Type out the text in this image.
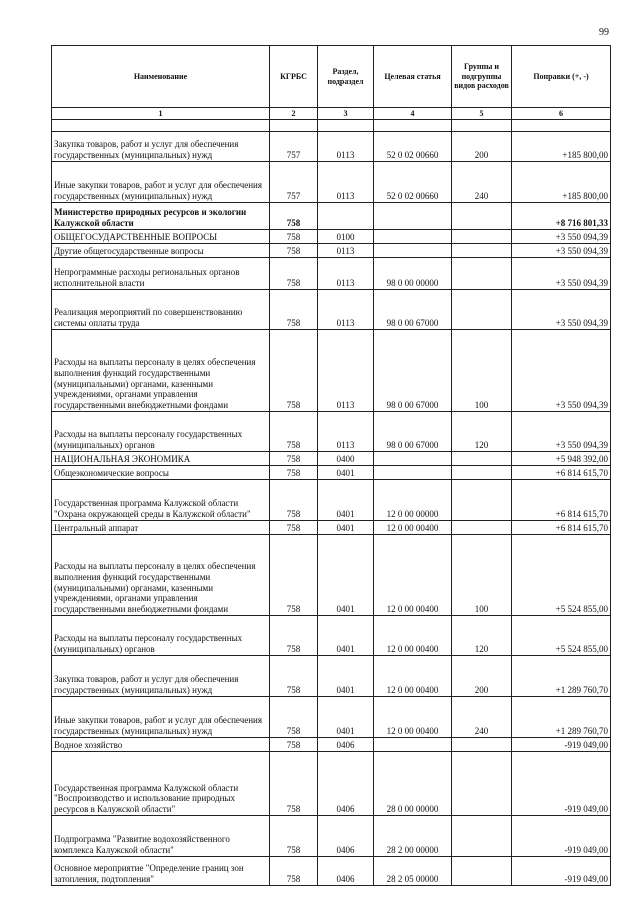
99
Наименование	КГРБС	Раздел, подраздел	Целевая статья	Группы и подгруппы видов расходов	Поправки (+, -)
1	2	3	4	5	6

Закупка товаров, работ и услуг для обеспечения государственных (муниципальных) нужд	757	0113	52 0 02 00660	200	+185 800,00
Иные закупки товаров, работ и услуг для обеспечения государственных (муниципальных) нужд	757	0113	52 0 02 00660	240	+185 800,00
Министерство природных ресурсов и экологии Калужской области	758				+8 716 801,33
ОБЩЕГОСУДАРСТВЕННЫЕ ВОПРОСЫ	758	0100			+3 550 094,39
Другие общегосударственные вопросы	758	0113			+3 550 094,39
Непрограммные расходы региональных органов исполнительной власти	758	0113	98 0 00 00000		+3 550 094,39
Реализация мероприятий по совершенствованию системы оплаты труда	758	0113	98 0 00 67000		+3 550 094,39
Расходы на выплаты персоналу в целях обеспечения выполнения функций государственными (муниципальными) органами, казенными учреждениями, органами управления государственными внебюджетными фондами	758	0113	98 0 00 67000	100	+3 550 094,39
Расходы на выплаты персоналу государственных (муниципальных) органов	758	0113	98 0 00 67000	120	+3 550 094,39
НАЦИОНАЛЬНАЯ ЭКОНОМИКА	758	0400			+5 948 392,00
Общеэкономические вопросы	758	0401			+6 814 615,70
Государственная программа Калужской области "Охрана окружающей среды в Калужской области"	758	0401	12 0 00 00000		+6 814 615,70
Центральный аппарат	758	0401	12 0 00 00400		+6 814 615,70
Расходы на выплаты персоналу в целях обеспечения выполнения функций государственными (муниципальными) органами, казенными учреждениями, органами управления государственными внебюджетными фондами	758	0401	12 0 00 00400	100	+5 524 855,00
Расходы на выплаты персоналу государственных (муниципальных) органов	758	0401	12 0 00 00400	120	+5 524 855,00
Закупка товаров, работ и услуг для обеспечения государственных (муниципальных) нужд	758	0401	12 0 00 00400	200	+1 289 760,70
Иные закупки товаров, работ и услуг для обеспечения государственных (муниципальных) нужд	758	0401	12 0 00 00400	240	+1 289 760,70
Водное хозяйство	758	0406			-919 049,00
Государственная программа Калужской области "Воспроизводство и использование природных ресурсов в Калужской области"	758	0406	28 0 00 00000		-919 049,00
Подпрограмма "Развитие водохозяйственного комплекса Калужской области"	758	0406	28 2 00 00000		-919 049,00
Основное мероприятие "Определение границ зон затопления, подтопления"	758	0406	28 2 05 00000		-919 049,00
